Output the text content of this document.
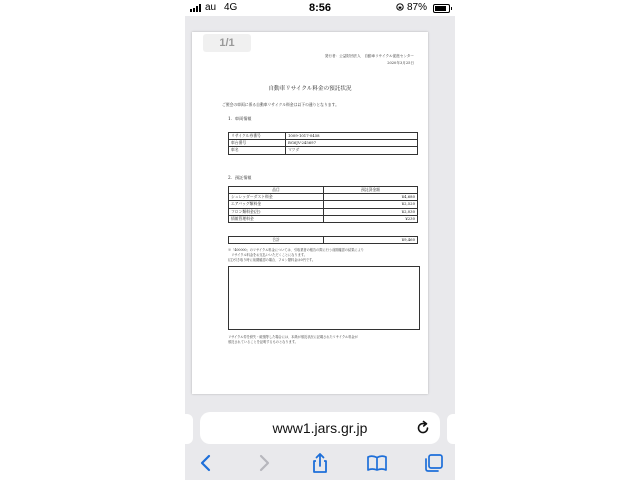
au 4G	8:56	87%
発行者：公益財団法人　自動車リサイクル促進センター
2020年3月25日
自動車リサイクル料金の預託状況
ご照会の車両に係る自動車リサイクル料金は以下の通りとなります。
1．車両情報
リサイクル券番号	1009-1017-0458
車台番号	BG6JV-245697
車名	マツダ
2．預託情報
品目	預託済金額
シュレッダーダスト料金	¥4,680
エアバッグ類料金	¥2,520
フロン類料金(注)	¥2,030
情報管理料金	¥230
合計	¥9,460
※「400000」のリサイクル料金については、引取業者の報告の際に行う前期確認の結果により
　リサイクル料金をお支払いいただくことになります。
(注)引き取り時に前期確認の場合、フロン類料金は0円です。
リサイクル券を紛失・破損等した場合には、本紙が預託状況に記載されたリサイクル料金が
預託されていることを証明するものとなります。
1/1
www1.jars.gr.jp
